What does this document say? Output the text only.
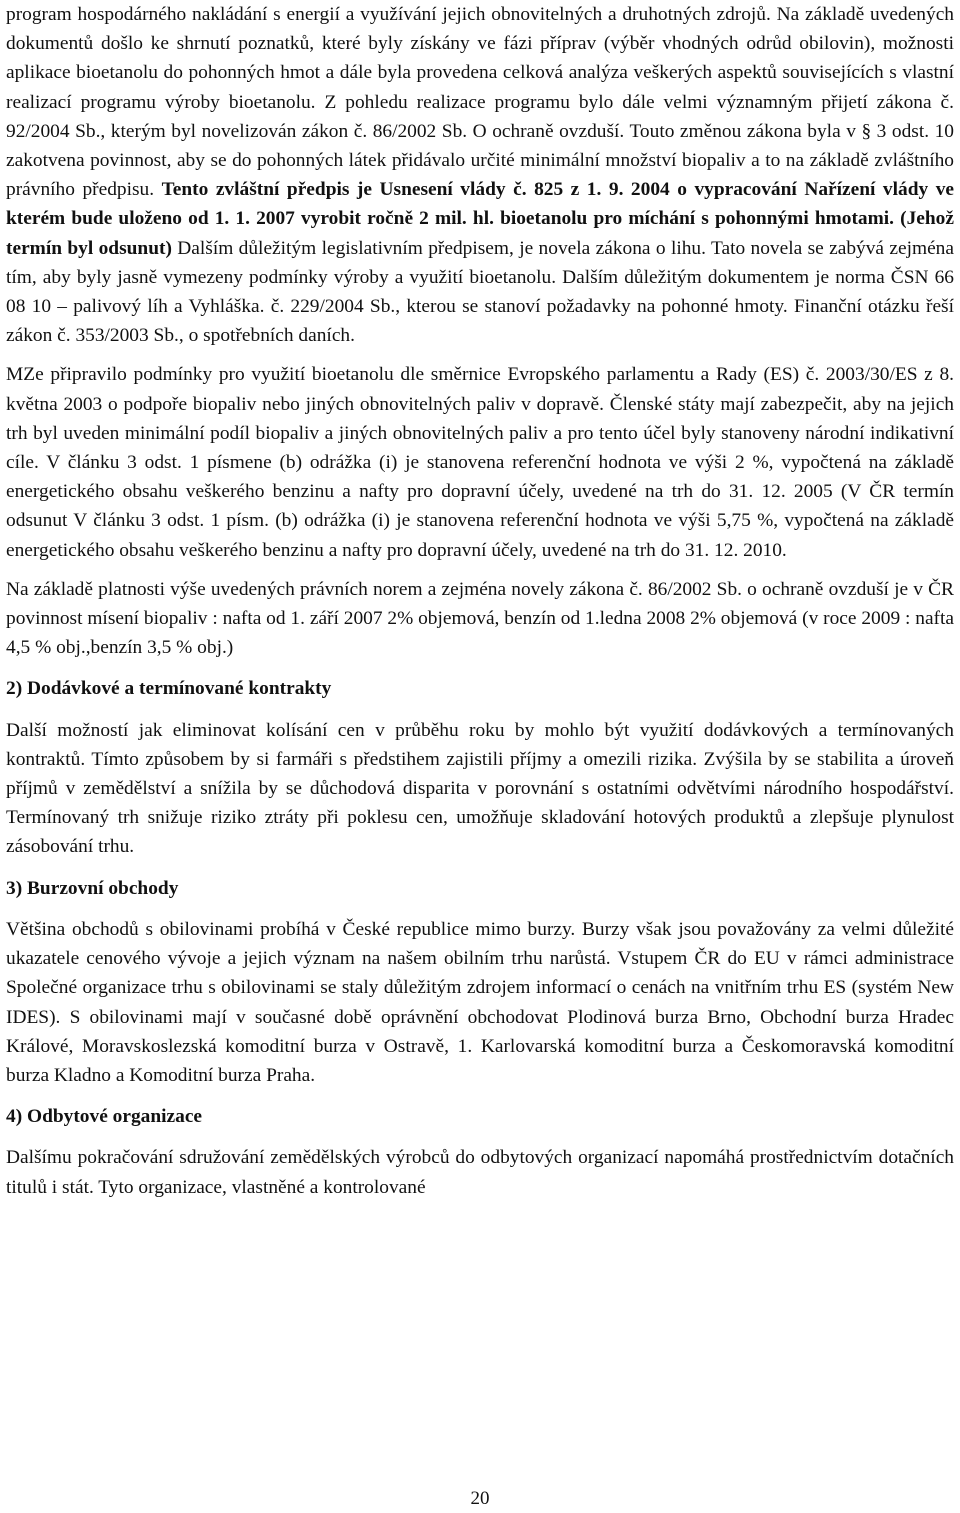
program hospodárného nakládání s energií a využívání jejich obnovitelných a druhotných zdrojů. Na základě uvedených dokumentů došlo ke shrnutí poznatků, které byly získány ve fázi příprav (výběr vhodných odrůd obilovin), možnosti aplikace bioetanolu do pohonných hmot a dále byla provedena celková analýza veškerých aspektů souvisejících s vlastní realizací programu výroby bioetanolu. Z pohledu realizace programu bylo dále velmi významným přijetí zákona č. 92/2004 Sb., kterým byl novelizován zákon č. 86/2002 Sb. O ochraně ovzduší. Touto změnou zákona byla v § 3 odst. 10 zakotvena povinnost, aby se do pohonných látek přidávalo určité minimální množství biopaliv a to na základě zvláštního právního předpisu. Tento zvláštní předpis je Usnesení vlády č. 825 z 1. 9. 2004 o vypracování Nařízení vlády ve kterém bude uloženo od 1. 1. 2007 vyrobit ročně 2 mil. hl. bioetanolu pro míchání s pohonnými hmotami. (Jehož termín byl odsunut) Dalším důležitým legislativním předpisem, je novela zákona o lihu. Tato novela se zabývá zejména tím, aby byly jasně vymezeny podmínky výroby a využití bioetanolu. Dalším důležitým dokumentem je norma ČSN 66 08 10 – palivový líh a Vyhláška. č. 229/2004 Sb., kterou se stanoví požadavky na pohonné hmoty. Finanční otázku řeší zákon č. 353/2003 Sb., o spotřebních daních.

MZe připravilo podmínky pro využití bioetanolu dle směrnice Evropského parlamentu a Rady (ES) č. 2003/30/ES z 8. května 2003 o podpoře biopaliv nebo jiných obnovitelných paliv v dopravě. Členské státy mají zabezpečit, aby na jejich trh byl uveden minimální podíl biopaliv a jiných obnovitelných paliv a pro tento účel byly stanoveny národní indikativní cíle. V článku 3 odst. 1 písmene (b) odrážka (i) je stanovena referenční hodnota ve výši 2 %, vypočtená na základě energetického obsahu veškerého benzinu a nafty pro dopravní účely, uvedené na trh do 31. 12. 2005 (V ČR termín odsunut V článku 3 odst. 1 písm. (b) odrážka (i) je stanovena referenční hodnota ve výši 5,75 %, vypočtená na základě energetického obsahu veškerého benzinu a nafty pro dopravní účely, uvedené na trh do 31. 12. 2010.

Na základě platnosti výše uvedených právních norem a zejména novely zákona č. 86/2002 Sb. o ochraně ovzduší je v ČR povinnost mísení biopaliv : nafta od 1. září 2007 2% objemová, benzín od 1.ledna 2008 2% objemová (v roce 2009 : nafta 4,5 % obj.,benzín 3,5 % obj.)

2) Dodávkové a termínované kontrakty

Další možností jak eliminovat kolísání cen v průběhu roku by mohlo být využití dodávkových a termínovaných kontraktů. Tímto způsobem by si farmáři s předstihem zajistili příjmy a omezili rizika. Zvýšila by se stabilita a úroveň příjmů v zemědělství a snížila by se důchodová disparita v porovnání s ostatními odvětvími národního hospodářství. Termínovaný trh snižuje riziko ztráty při poklesu cen, umožňuje skladování hotových produktů a zlepšuje plynulost zásobování trhu.

3) Burzovní obchody

Většina obchodů s obilovinami probíhá v České republice mimo burzy. Burzy však jsou považovány za velmi důležité ukazatele cenového vývoje a jejich význam na našem obilním trhu narůstá. Vstupem ČR do EU v rámci administrace Společné organizace trhu s obilovinami se staly důležitým zdrojem informací o cenách na vnitřním trhu ES (systém New IDES). S obilovinami mají v současné době oprávnění obchodovat Plodinová burza Brno, Obchodní burza Hradec Králové, Moravskoslezská komoditní burza v Ostravě, 1. Karlovarská komoditní burza a Českomoravská komoditní burza Kladno a Komoditní burza Praha.

4) Odbytové organizace

Dalšímu pokračování sdružování zemědělských výrobců do odbytových organizací napomáhá prostřednictvím dotačních titulů i stát. Tyto organizace, vlastněné a kontrolované

20
